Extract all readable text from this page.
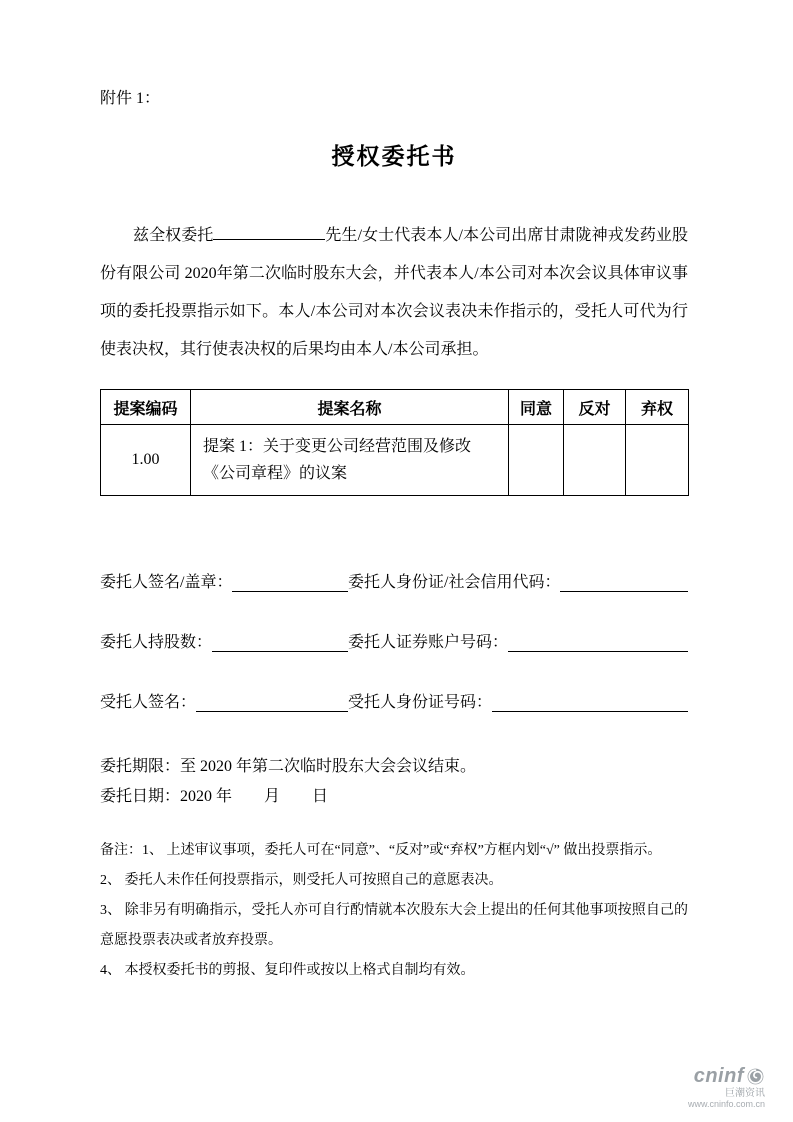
附件 1：
授权委托书

兹全权委托	先生/女士代表本人/本公司出席甘肃陇神戎发药业股份有限公司 2020年第二次临时股东大会，并代表本人/本公司对本次会议具体审议事项的委托投票指示如下。本人/本公司对本次会议表决未作指示的，受托人可代为行使表决权，其行使表决权的后果均由本人/本公司承担。

提案编码	提案名称	同意	反对	弃权
1.00	提案 1：关于变更公司经营范围及修改《公司章程》的议案			
委托人签名/盖章：	委托人身份证/社会信用代码：
委托人持股数：	委托人证券账户号码：
受托人签名：	受托人身份证号码：

委托期限：至 2020 年第二次临时股东大会会议结束。

委托日期：2020 年　　月　　日

备注：1、 上述审议事项，委托人可在“同意”、“反对”或“弃权”方框内划“√” 做出投票指示。

2、 委托人未作任何投票指示，则受托人可按照自己的意愿表决。

3、 除非另有明确指示，受托人亦可自行酌情就本次股东大会上提出的任何其他事项按照自己的意愿投票表决或者放弃投票。

4、 本授权委托书的剪报、复印件或按以上格式自制均有效。

cninf
巨潮资讯
www.cninfo.com.cn
